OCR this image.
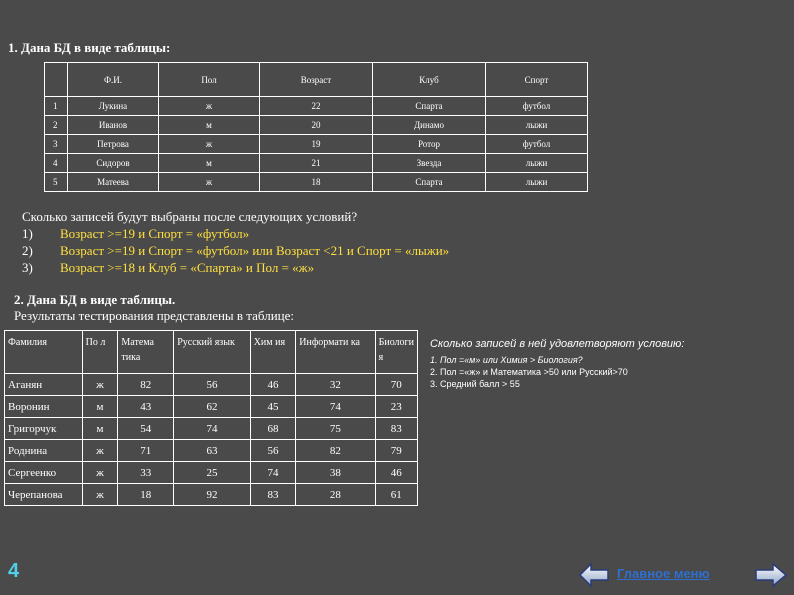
1. Дана БД в виде таблицы:
	Ф.И.	Пол	Возраст	Клуб	Спорт
1	Лукина	ж	22	Спарта	футбол
2	Иванов	м	20	Динамо	лыжи
3	Петрова	ж	19	Ротор	футбол
4	Сидоров	м	21	Звезда	лыжи
5	Матеева	ж	18	Спарта	лыжи
Сколько записей будут выбраны после следующих условий?
1)	Возраст >=19 и Спорт = «футбол»
2)	Возраст >=19 и Спорт = «футбол» или Возраст <21 и Спорт = «лыжи»
3)	Возраст >=18 и Клуб = «Спарта» и Пол = «ж»
2. Дана БД в виде таблицы.
Результаты тестирования представлены в таблице:
Фамилия	По л	Матема тика	Русский язык	Хим ия	Информати ка	Биологи я
Аганян	ж	82	56	46	32	70
Воронин	м	43	62	45	74	23
Григорчук	м	54	74	68	75	83
Роднина	ж	71	63	56	82	79
Сергеенко	ж	33	25	74	38	46
Черепанова	ж	18	92	83	28	61
Сколько записей в ней удовлетворяют условию:
1. Пол =«м» или Химия > Биология?
2. Пол =«ж» и Математика >50 или Русский>70
3. Средний балл > 55
4	Главное меню
